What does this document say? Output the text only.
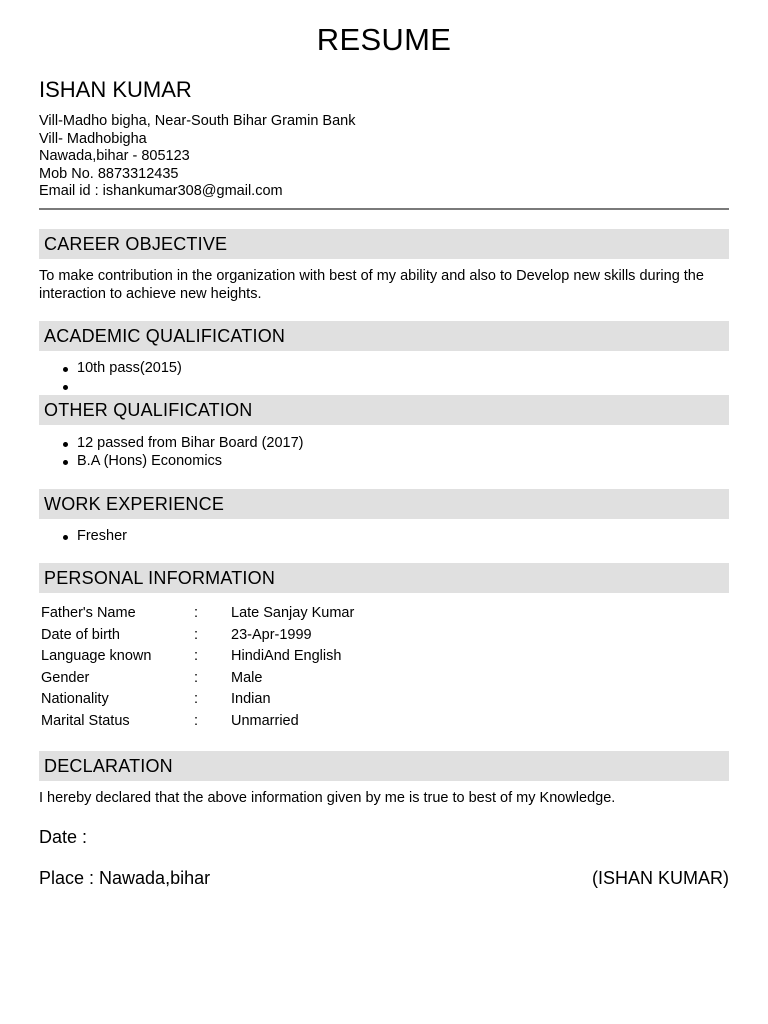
RESUME
ISHAN KUMAR
Vill-Madho bigha, Near-South Bihar Gramin Bank
Vill- Madhobigha
Nawada,bihar - 805123
Mob No. 8873312435
Email id : ishankumar308@gmail.com
CAREER OBJECTIVE
To make contribution in the organization with best of my ability and also to Develop new skills during the interaction to achieve new heights.
ACADEMIC QUALIFICATION
10th pass(2015)
OTHER QUALIFICATION
12 passed from Bihar Board (2017)
B.A (Hons) Economics
WORK EXPERIENCE
Fresher
PERSONAL INFORMATION
Father's Name	:	Late Sanjay Kumar
Date of birth	:	23-Apr-1999
Language known	:	HindiAnd English
Gender	:	Male
Nationality	:	Indian
Marital Status	:	Unmarried
DECLARATION
I hereby declared that the above information given by me is true to best of my Knowledge.
Date :
Place : Nawada,bihar	(ISHAN KUMAR)
